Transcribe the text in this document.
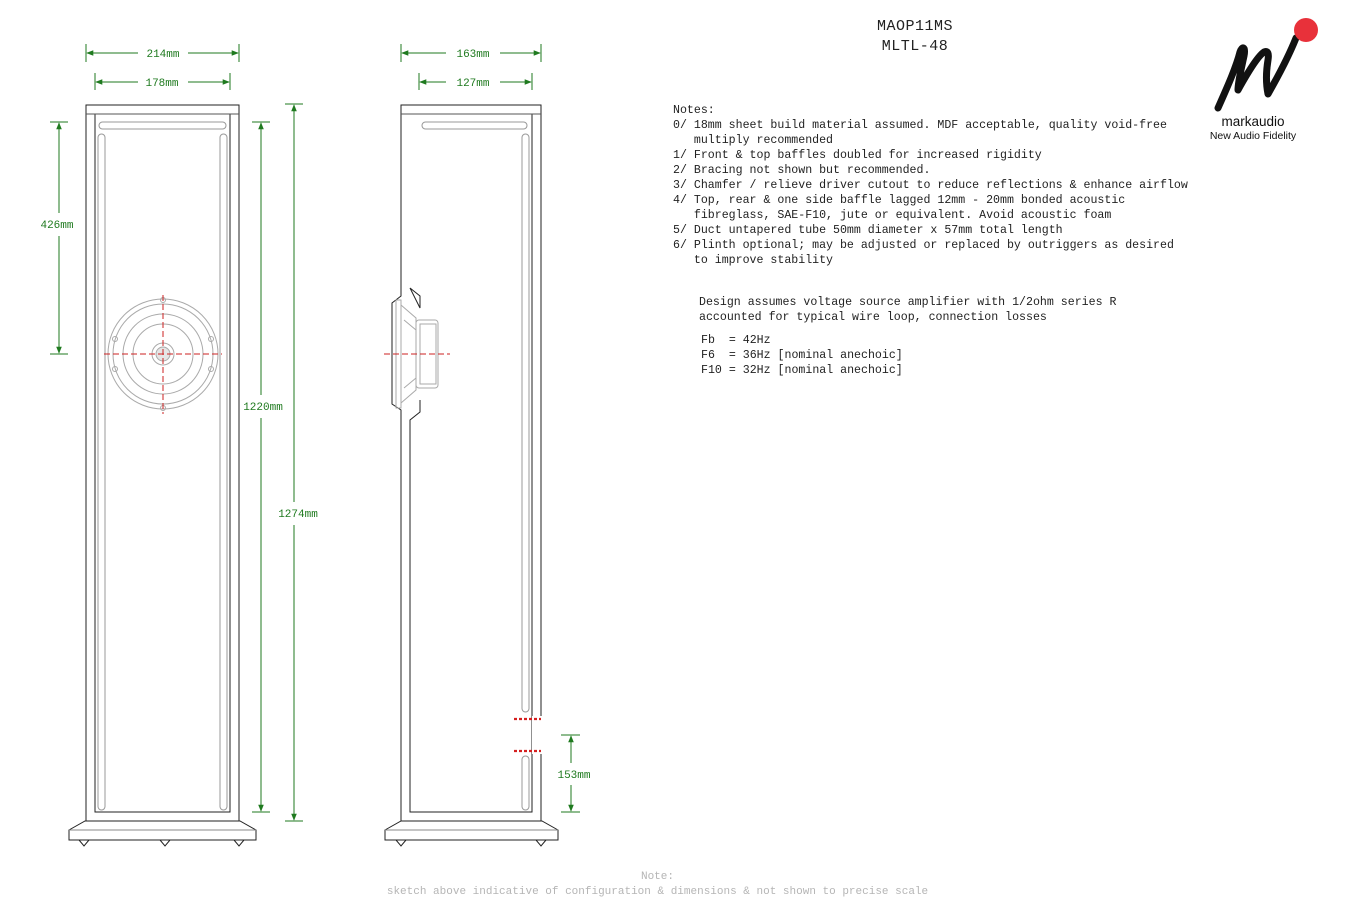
214mm
178mm
426mm
1220mm
1274mm
163mm
127mm
153mm
MAOP11MS
MLTL-48
markaudio
New Audio Fidelity
Notes:
0/ 18mm sheet build material assumed. MDF acceptable, quality void-free
multiply recommended
1/ Front & top baffles doubled for increased rigidity
2/ Bracing not shown but recommended.
3/ Chamfer / relieve driver cutout to reduce reflections & enhance airflow
4/ Top, rear & one side baffle lagged 12mm - 20mm bonded acoustic
fibreglass, SAE-F10, jute or equivalent. Avoid acoustic foam
5/ Duct untapered tube 50mm diameter x 57mm total length
6/ Plinth optional; may be adjusted or replaced by outriggers as desired
to improve stability
Design assumes voltage source amplifier with 1/2ohm series R
accounted for typical wire loop, connection losses
Fb  = 42Hz
F6  = 36Hz [nominal anechoic]
F10 = 32Hz [nominal anechoic]
Note:
sketch above indicative of configuration & dimensions & not shown to precise scale
